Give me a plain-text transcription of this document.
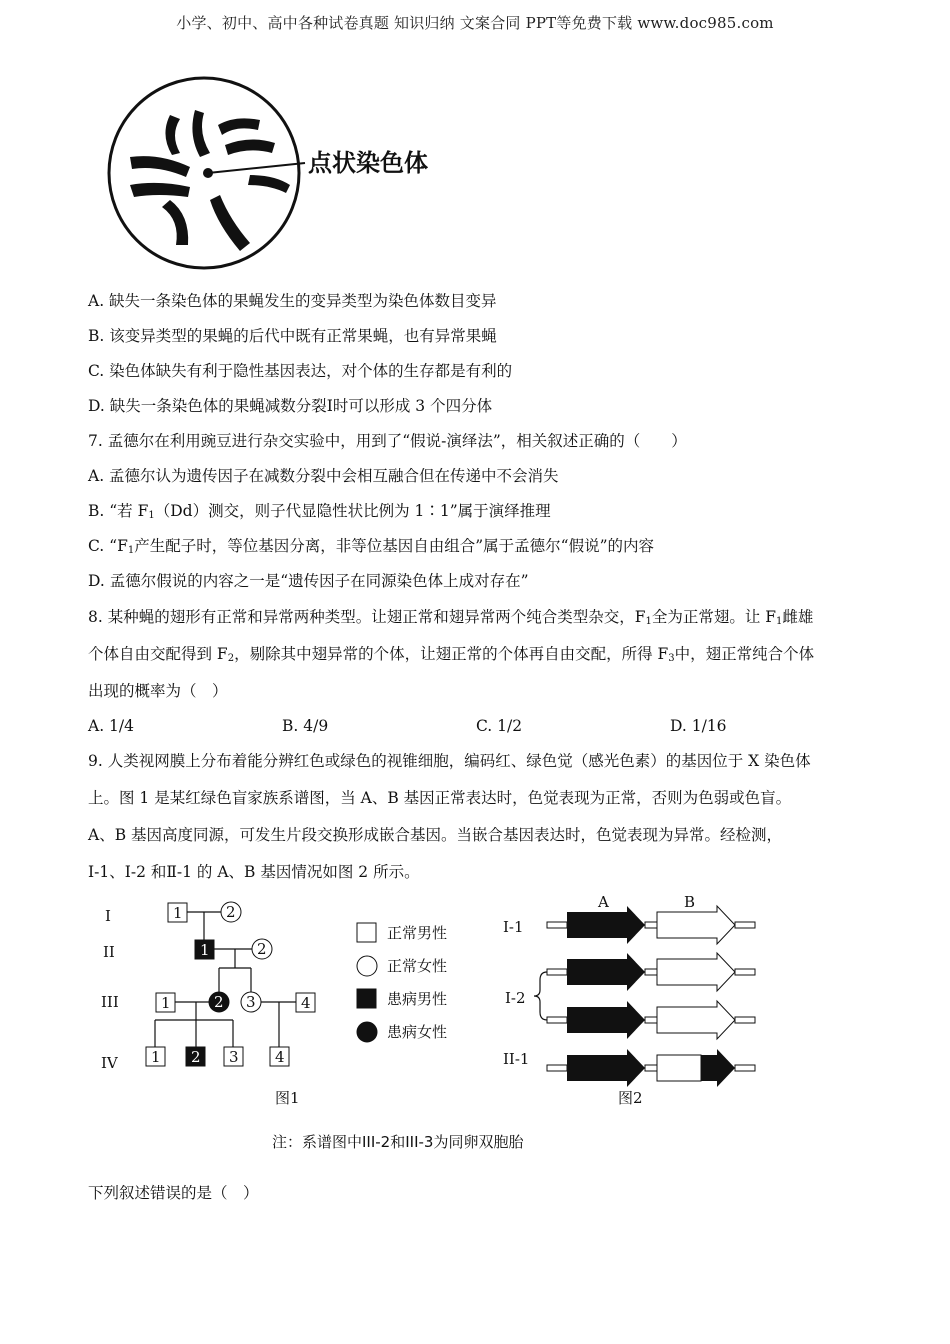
小学、初中、高中各种试卷真题 知识归纳 文案合同 PPT等免费下载 www.doc985.com
点状染色体
A. 缺失一条染色体的果蝇发生的变异类型为染色体数目变异
B. 该变异类型的果蝇的后代中既有正常果蝇，也有异常果蝇
C. 染色体缺失有利于隐性基因表达，对个体的生存都是有利的
D. 缺失一条染色体的果蝇减数分裂Ⅰ时可以形成 3 个四分体
7. 孟德尔在利用豌豆进行杂交实验中，用到了“假说-演绎法”，相关叙述正确的（　　）
A. 孟德尔认为遗传因子在减数分裂中会相互融合但在传递中不会消失
B. “若 $F_1(Dd)$测交，则子代显隐性状比例为 1∶1”属于演绎推理
C. “$F_1$产生配子时，等位基因分离，非等位基因自由组合”属于孟德尔“假说”的内容
D. 孟德尔假说的内容之一是“遗传因子在同源染色体上成对存在”
8. 某种蝇的翅形有正常和异常两种类型。让翅正常和翅异常两个纯合类型杂交，$F_1$全为正常翅。让 $F_1$雌雄
个体自由交配得到 $F_2$，剔除其中翅异常的个体，让翅正常的个体再自由交配，所得 $F_3$中，翅正常纯合个体
出现的概率为（　）
A. 1/4	B. 4/9	C. 1/2	D. 1/16
9. 人类视网膜上分布着能分辨红色或绿色的视锥细胞，编码红、绿色觉（感光色素）的基因位于 X 染色体
上。图 1 是某红绿色盲家族系谱图，当 A、B 基因正常表达时，色觉表现为正常，否则为色弱或色盲。
A、B 基因高度同源，可发生片段交换形成嵌合基因。当嵌合基因表达时，色觉表现为异常。经检测，
Ⅰ-1、Ⅰ-2 和Ⅱ-1 的 A、B 基因情况如图 2 所示。
I
II
III
IV
1	2
1	2
1	2 3	4
1 2 3 4
正常男性
正常女性
患病男性
患病女性
图1
A	B
I-1
I-2
II-1
图2
注：系谱图中III-2和III-3为同卵双胞胎
下列叙述错误的是（　）
